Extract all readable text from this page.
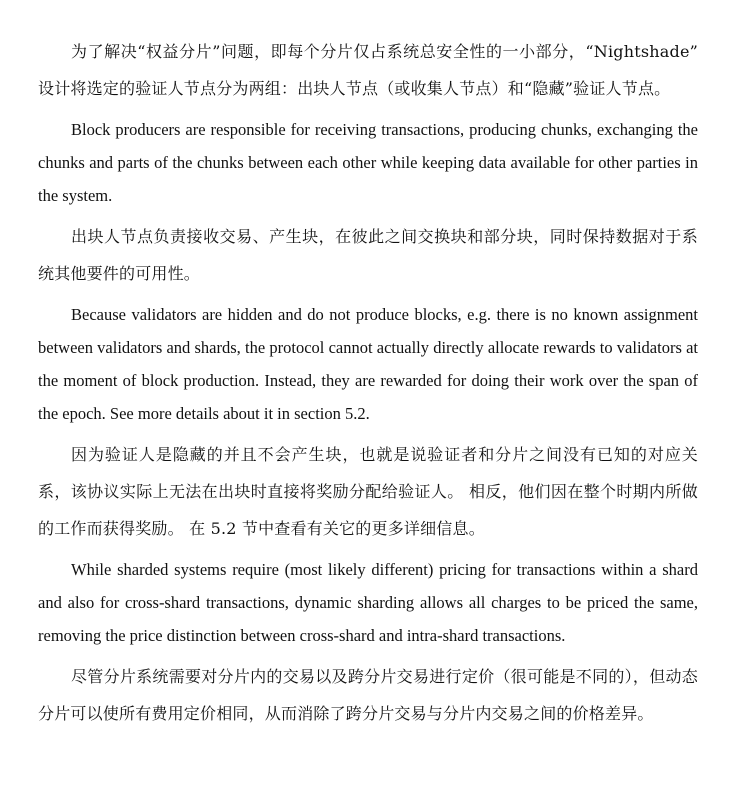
为了解决“权益分片”问题，即每个分片仅占系统总安全性的一小部分，“Nightshade” 设计将选定的验证人节点分为两组：出块人节点（或收集人节点）和“隐藏”验证人节点。

Block producers are responsible for receiving transactions, producing chunks, exchanging the chunks and parts of the chunks between each other while keeping data available for other parties in the system.

出块人节点负责接收交易、产生块，在彼此之间交换块和部分块，同时保持数据对于系统其他要件的可用性。

Because validators are hidden and do not produce blocks, e.g. there is no known assignment between validators and shards, the protocol cannot actually directly allocate rewards to validators at the moment of block production. Instead, they are rewarded for doing their work over the span of the epoch. See more details about it in section 5.2.

因为验证人是隐藏的并且不会产生块，也就是说验证者和分片之间没有已知的对应关系，该协议实际上无法在出块时直接将奖励分配给验证人。 相反，他们因在整个时期内所做的工作而获得奖励。 在 5.2 节中查看有关它的更多详细信息。

While sharded systems require (most likely different) pricing for transactions within a shard and also for cross-shard transactions, dynamic sharding allows all charges to be priced the same, removing the price distinction between cross-shard and intra-shard transactions.

尽管分片系统需要对分片内的交易以及跨分片交易进行定价（很可能是不同的），但动态分片可以使所有费用定价相同，从而消除了跨分片交易与分片内交易之间的价格差异。
